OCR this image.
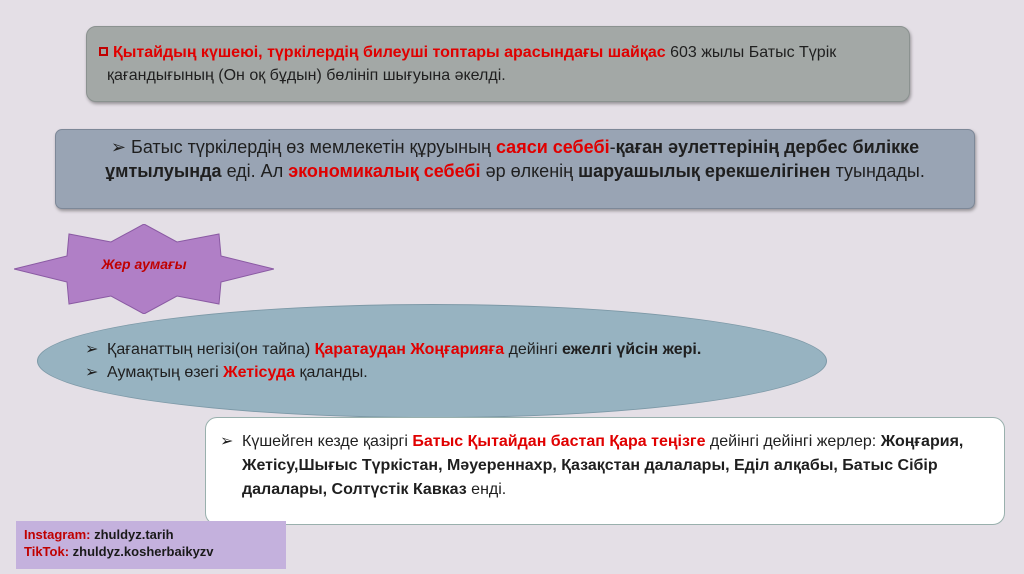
Қытайдың күшеюі, түркілердің билеуші топтары арасындағы шайқас 603 жылы Батыс Түрік
қағандығының (Он оқ бұдын) бөлініп шығуына әкелді.
➢ Батыс түркілердің өз мемлекетін құруының саяси себебі-қаған әулеттерінің дербес билікке ұмтылуында еді. Ал экономикалық себебі әр өлкенің шаруашылық ерекшелігінен туындады.
Жер аумағы
➢ Қағанаттың негізі(он тайпа) Қаратаудан Жоңғарияға дейінгі ежелгі үйсін жері.
➢ Аумақтың өзегі Жетісуда қаланды.
➢ Күшейген кезде қазіргі Батыс Қытайдан бастап Қара теңізге дейінгі дейінгі жерлер: Жоңғария, Жетісу,Шығыс Түркістан, Мәуереннахр, Қазақстан далалары, Еділ алқабы, Батыс Сібір далалары, Солтүстік Кавказ енді.
Instagram: zhuldyz.tarih
TikTok: zhuldyz.kosherbaikyzv
